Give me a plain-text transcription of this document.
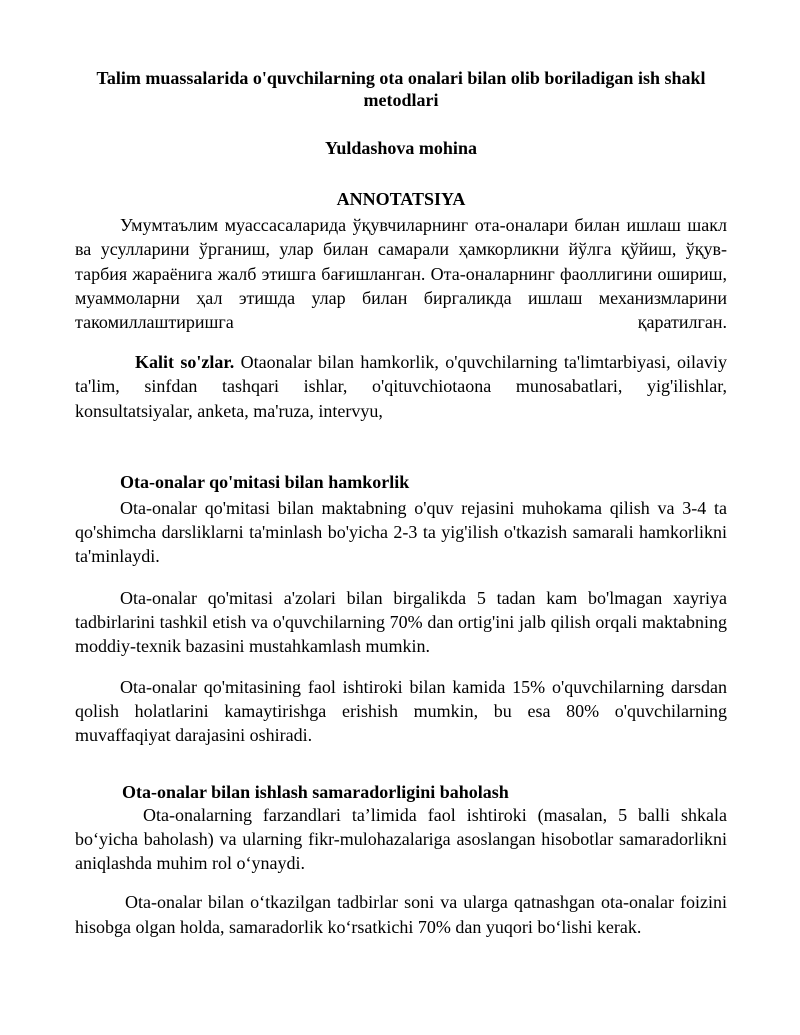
Talim muassalarida o'quvchilarning ota onalari bilan olib boriladigan ish shakl metodlari

Yuldashova mohina

ANNOTATSIYA

Умумтаълим муассасаларида ўқувчиларнинг ота-оналари билан ишлаш шакл ва усулларини ўрганиш, улар билан самарали ҳамкорликни йўлга қўйиш, ўқув-тарбия жараёнига жалб этишга бағишланган. Ота-оналарнинг фаоллигини ошириш, муаммоларни ҳал этишда улар билан биргаликда ишлаш механизмларини такомиллаштиришга қаратилган.

Kalit so'zlar. Otaonalar bilan hamkorlik, o'quvchilarning ta'limtarbiyasi, oilaviy ta'lim, sinfdan tashqari ishlar, o'qituvchiotaona munosabatlari, yig'ilishlar, konsultatsiyalar, anketa, ma'ruza, intervyu,

Ota-onalar qo'mitasi bilan hamkorlik

Ota-onalar qo'mitasi bilan maktabning o'quv rejasini muhokama qilish va 3-4 ta qo'shimcha darsliklarni ta'minlash bo'yicha 2-3 ta yig'ilish o'tkazish samarali hamkorlikni ta'minlaydi.

Ota-onalar qo'mitasi a'zolari bilan birgalikda 5 tadan kam bo'lmagan xayriya tadbirlarini tashkil etish va o'quvchilarning 70% dan ortig'ini jalb qilish orqali maktabning moddiy-texnik bazasini mustahkamlash mumkin.

Ota-onalar qo'mitasining faol ishtiroki bilan kamida 15% o'quvchilarning darsdan qolish holatlarini kamaytirishga erishish mumkin, bu esa 80% o'quvchilarning muvaffaqiyat darajasini oshiradi.

Ota-onalar bilan ishlash samaradorligini baholash

Ota-onalarning farzandlari ta’limida faol ishtiroki (masalan, 5 balli shkala bo‘yicha baholash) va ularning fikr-mulohazalariga asoslangan hisobotlar samaradorlikni aniqlashda muhim rol o‘ynaydi.

Ota-onalar bilan o‘tkazilgan tadbirlar soni va ularga qatnashgan ota-onalar foizini hisobga olgan holda, samaradorlik ko‘rsatkichi 70% dan yuqori bo‘lishi kerak.
